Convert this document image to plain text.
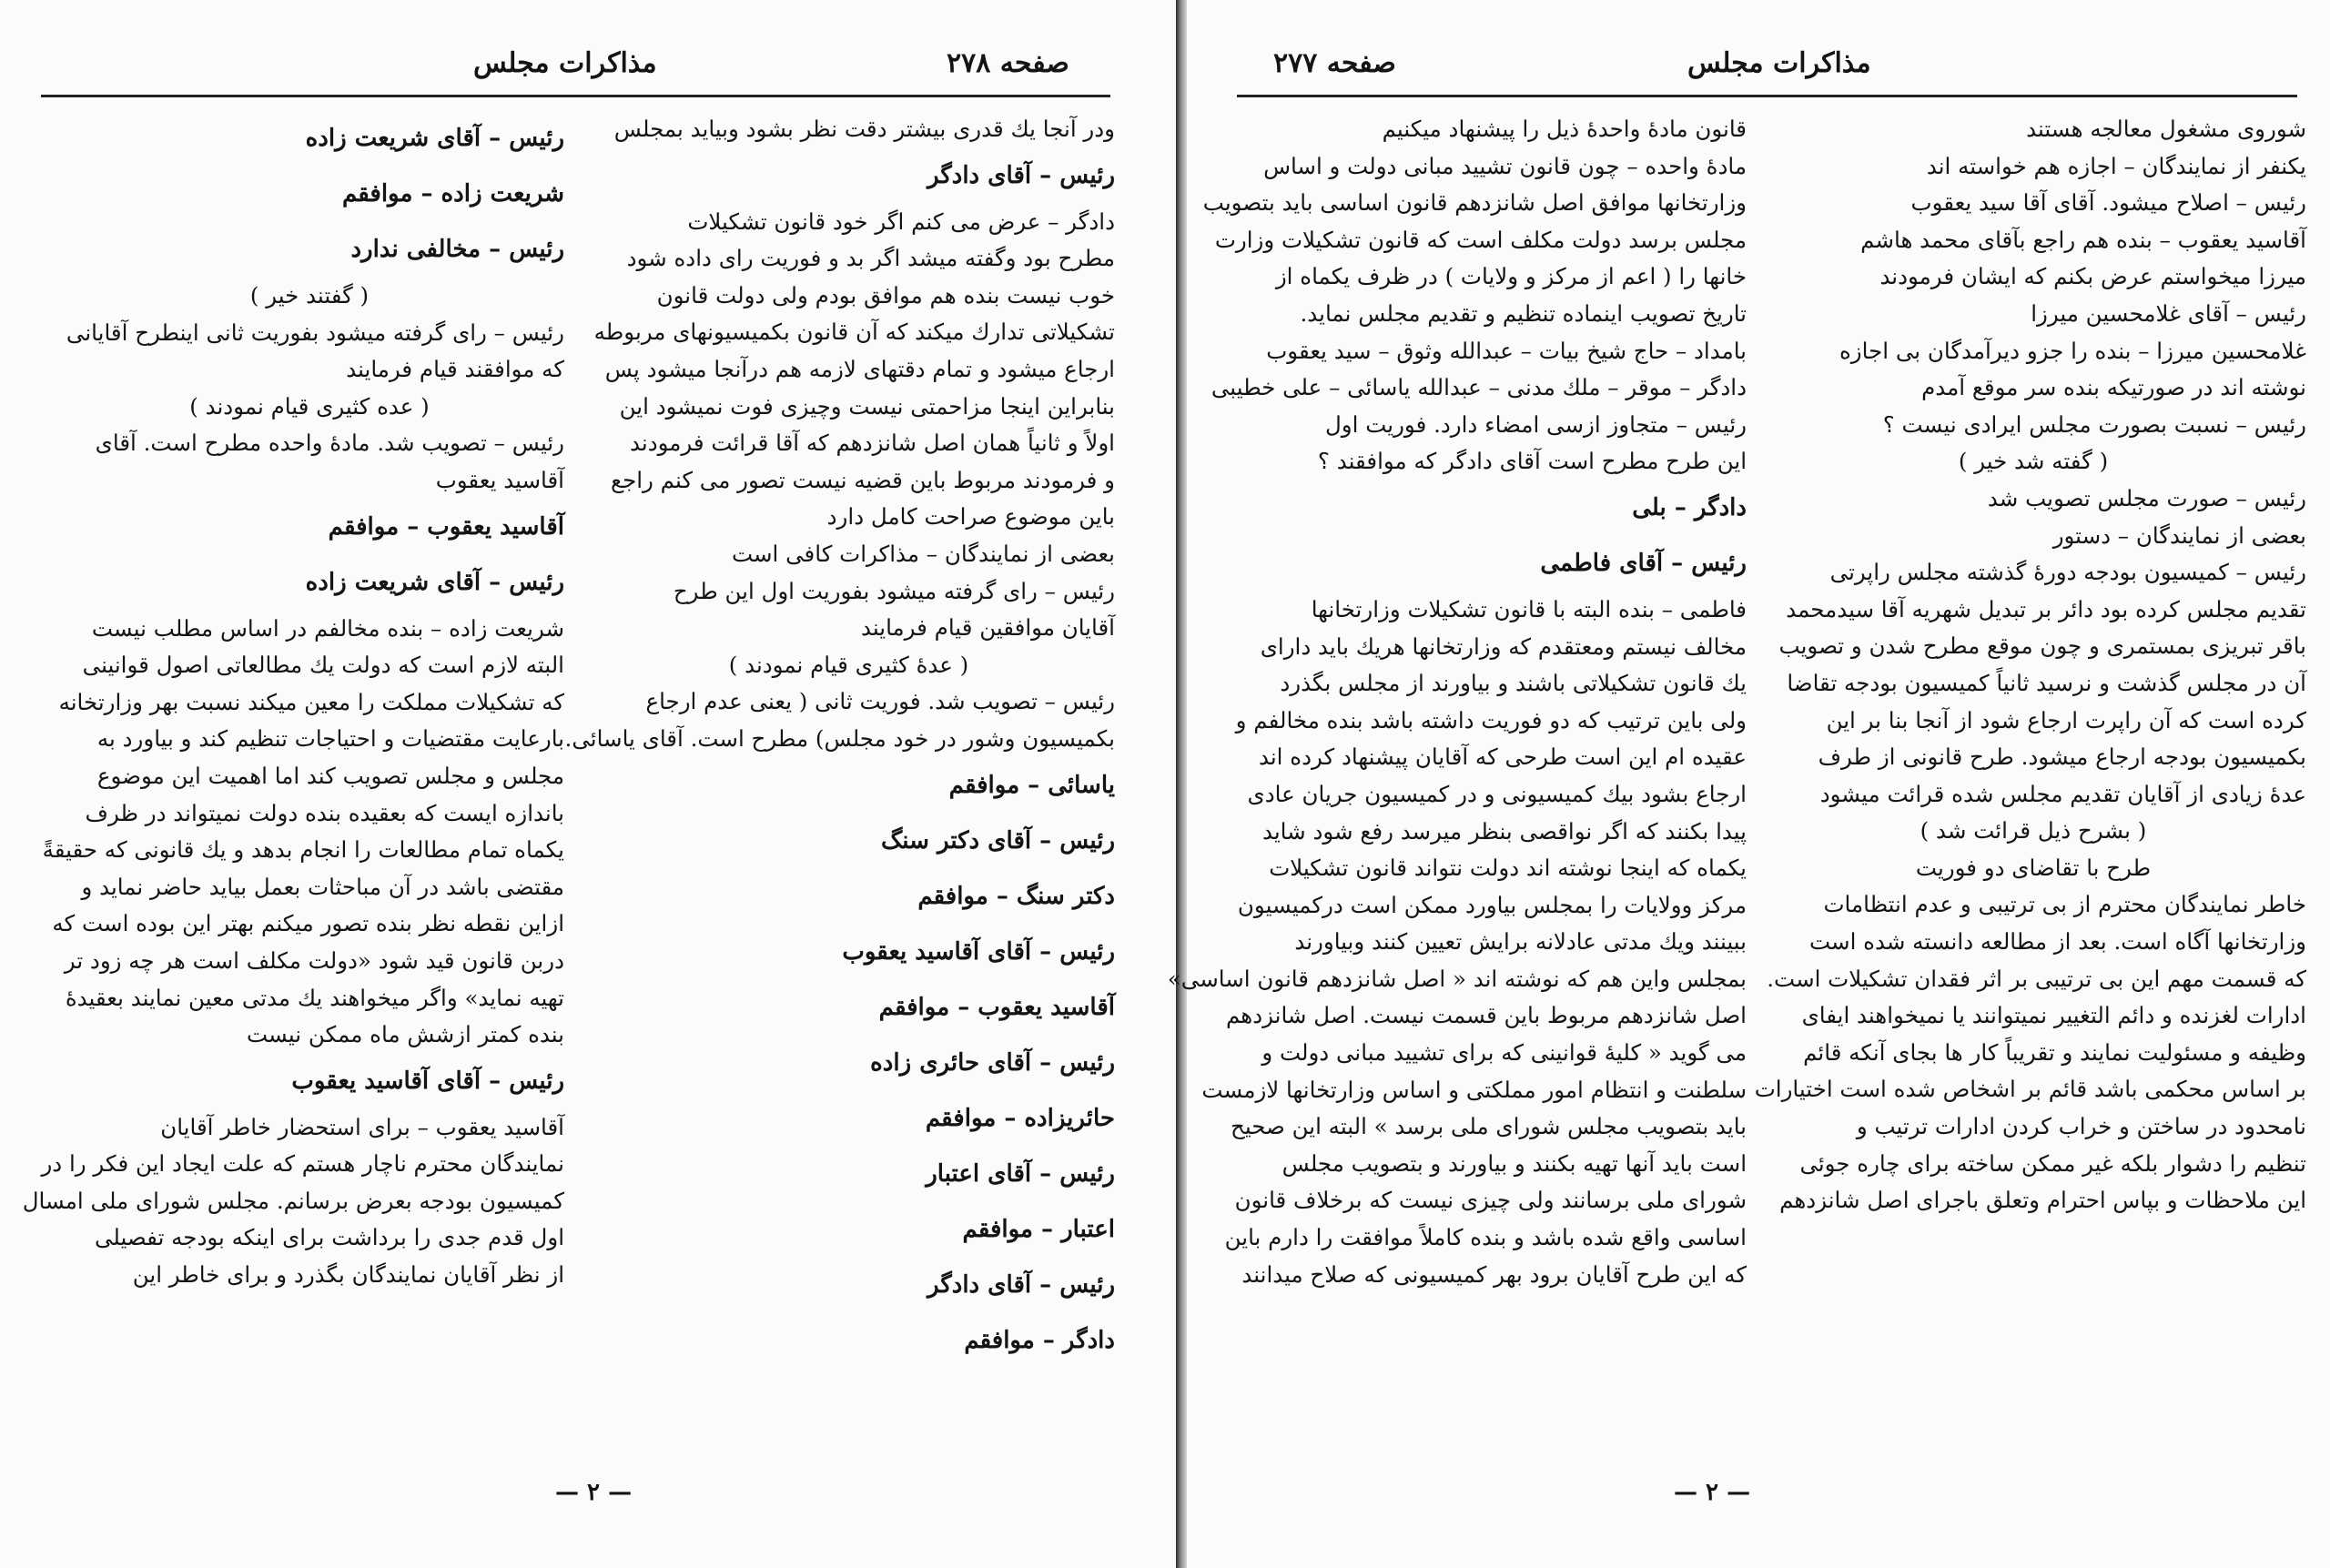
مذاکرات مجلس	صفحه ۲۷۸
ودر آنجا یك قدری بیشتر دقت نظر بشود وبیاید بمجلس
رئیس – آقای دادگر
دادگر – عرض می کنم اگر خود قانون تشکیلات
مطرح بود وگفته میشد اگر بد و فوریت رای داده شود
خوب نیست بنده هم موافق بودم ولی دولت قانون
تشکیلاتی تدارك میکند که آن قانون بکمیسیونهای مربوطه
ارجاع میشود و تمام دقتهای لازمه هم درآنجا میشود پس
بنابراین اینجا مزاحمتی نیست وچیزی فوت نمیشود این
اولاً و ثانیاً همان اصل شانزدهم که آقا قرائت فرمودند
و فرمودند مربوط باین قضیه نیست تصور می کنم راجع
باین موضوع صراحت کامل دارد
بعضی از نمایندگان – مذاکرات کافی است
رئیس – رای گرفته میشود بفوریت اول این طرح
آقایان موافقین قیام فرمایند
( عدهٔ کثیری قیام نمودند )
رئیس – تصویب شد. فوریت ثانی ( یعنی عدم ارجاع
بکمیسیون وشور در خود مجلس) مطرح است. آقای یاسائی.
یاسائی – موافقم
رئیس – آقای دکتر سنگ
دکتر سنگ – موافقم
رئیس – آقای آقاسید یعقوب
آقاسید یعقوب – موافقم
رئیس – آقای حائری زاده
حائریزاده – موافقم
رئیس – آقای اعتبار
اعتبار – موافقم
رئیس – آقای دادگر
دادگر – موافقم
رئیس – آقای شریعت زاده
شریعت زاده – موافقم
رئیس – مخالفی ندارد
( گفتند خیر )
رئیس – رای گرفته میشود بفوریت ثانی اینطرح آقایانی
که موافقند قیام فرمایند
( عده کثیری قیام نمودند )
رئیس – تصویب شد. مادهٔ واحده مطرح است. آقای
آقاسید یعقوب
آقاسید یعقوب – موافقم
رئیس – آقای شریعت زاده
شریعت زاده – بنده مخالفم در اساس مطلب نیست
البته لازم است که دولت یك مطالعاتی اصول قوانینی
که تشکیلات مملکت را معین میکند نسبت بهر وزارتخانه
بارعایت مقتضیات و احتیاجات تنظیم کند و بیاورد به
مجلس و مجلس تصویب کند اما اهمیت این موضوع
باندازه ایست که بعقیده بنده دولت نمیتواند در ظرف
یکماه تمام مطالعات را انجام بدهد و یك قانونی که حقیقةً
مقتضی باشد در آن مباحثات بعمل بیاید حاضر نماید و
ازاین نقطه نظر بنده تصور میکنم بهتر این بوده است که
دربن قانون قید شود «دولت مکلف است هر چه زود تر
تهیه نماید» واگر میخواهند یك مدتی معین نمایند بعقیدهٔ
بنده کمتر ازشش ماه ممکن نیست
رئیس – آقای آقاسید یعقوب
آقاسید یعقوب – برای استحضار خاطر آقایان
نمایندگان محترم ناچار هستم که علت ایجاد این فکر را در
کمیسیون بودجه بعرض برسانم. مجلس شورای ملی امسال
اول قدم جدی را برداشت برای اینکه بودجه تفصیلی
از نظر آقایان نمایندگان بگذرد و برای خاطر این
— ۲ —
مذاکرات مجلس
صفحه ۲۷۷
شوروی مشغول معالجه هستند
یکنفر از نمایندگان – اجازه هم خواسته اند
رئیس – اصلاح میشود. آقای آقا سید یعقوب
آقاسید یعقوب – بنده هم راجع بآقای محمد هاشم
میرزا میخواستم عرض بکنم که ایشان فرمودند
رئیس – آقای غلامحسین میرزا
غلامحسین میرزا – بنده را جزو دیرآمدگان بی اجازه
نوشته اند در صورتیکه بنده سر موقع آمدم
رئیس – نسبت بصورت مجلس ایرادی نیست ؟
( گفته شد خیر )
رئیس – صورت مجلس تصویب شد
بعضی از نمایندگان – دستور
رئیس – کمیسیون بودجه دورهٔ گذشته مجلس راپرتی
تقدیم مجلس کرده بود دائر بر تبدیل شهریه آقا سیدمحمد
باقر تبریزی بمستمری و چون موقع مطرح شدن و تصویب
آن در مجلس گذشت و نرسید ثانیاً کمیسیون بودجه تقاضا
کرده است که آن راپرت ارجاع شود از آنجا بنا بر این
بکمیسیون بودجه ارجاع میشود. طرح قانونی از طرف
عدهٔ زیادی از آقایان تقدیم مجلس شده قرائت میشود
( بشرح ذیل قرائت شد )
طرح با تقاضای دو فوریت
خاطر نمایندگان محترم از بی ترتیبی و عدم انتظامات
وزارتخانها آگاه است. بعد از مطالعه دانسته شده است
که قسمت مهم این بی ترتیبی بر اثر فقدان تشکیلات است.
ادارات لغزنده و دائم التغییر نمیتوانند یا نمیخواهند ایفای
وظیفه و مسئولیت نمایند و تقریباً کار ها بجای آنکه قائم
بر اساس محکمی باشد قائم بر اشخاص شده است اختیارات
نامحدود در ساختن و خراب کردن ادارات ترتیب و
تنظیم را دشوار بلکه غیر ممکن ساخته برای چاره جوئی
این ملاحظات و بپاس احترام وتعلق باجرای اصل شانزدهم
قانون مادهٔ واحدهٔ ذیل را پیشنهاد میکنیم
مادهٔ واحده – چون قانون تشیید مبانی دولت و اساس
وزارتخانها موافق اصل شانزدهم قانون اساسی باید بتصویب
مجلس برسد دولت مکلف است که قانون تشکیلات وزارت
خانها را ( اعم از مرکز و ولایات ) در ظرف یکماه از
تاریخ تصویب اینماده تنظیم و تقدیم مجلس نماید.
بامداد – حاج شیخ بیات – عبدالله وثوق – سید یعقوب
دادگر – موقر – ملك مدنی – عبدالله یاسائی – علی خطیبی
رئیس – متجاوز ازسی امضاء دارد. فوریت اول
این طرح مطرح است آقای دادگر که موافقند ؟
دادگر – بلی
رئیس – آقای فاطمی
فاطمی – بنده البته با قانون تشکیلات وزارتخانها
مخالف نیستم ومعتقدم که وزارتخانها هریك باید دارای
یك قانون تشکیلاتی باشند و بیاورند از مجلس بگذرد
ولی باین ترتیب که دو فوریت داشته باشد بنده مخالفم و
عقیده ام این است طرحی که آقایان پیشنهاد کرده اند
ارجاع بشود بیك کمیسیونی و در کمیسیون جریان عادی
پیدا بکنند که اگر نواقصی بنظر میرسد رفع شود شاید
یکماه که اینجا نوشته اند دولت نتواند قانون تشکیلات
مرکز وولایات را بمجلس بیاورد ممکن است درکمیسیون
ببینند ویك مدتی عادلانه برایش تعیین کنند وبیاورند
بمجلس واین هم که نوشته اند « اصل شانزدهم قانون اساسی»
اصل شانزدهم مربوط باین قسمت نیست. اصل شانزدهم
می گوید « کلیهٔ قوانینی که برای تشیید مبانی دولت و
سلطنت و انتظام امور مملکتی و اساس وزارتخانها لازمست
باید بتصویب مجلس شورای ملی برسد » البته این صحیح
است باید آنها تهیه بکنند و بیاورند و بتصویب مجلس
شورای ملی برسانند ولی چیزی نیست که برخلاف قانون
اساسی واقع شده باشد و بنده کاملاً موافقت را دارم باین
که این طرح آقایان برود بهر کمیسیونی که صلاح میدانند
— ۲ —
